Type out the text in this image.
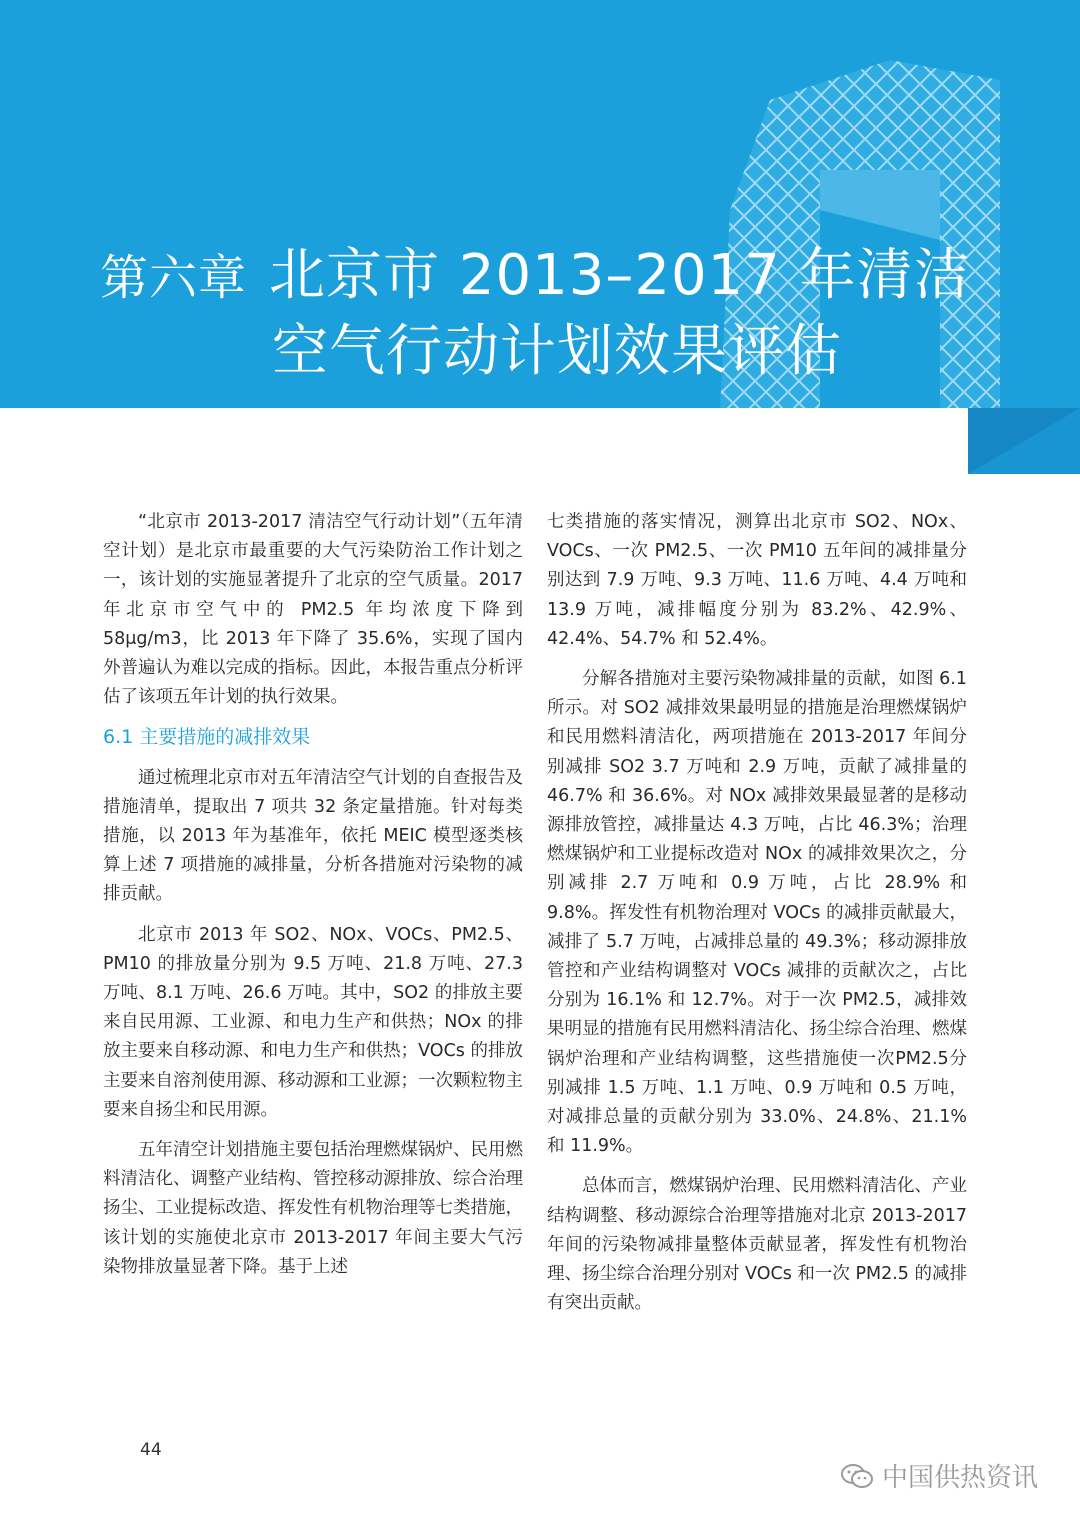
第六章 北京市 2013–2017 年清洁
空气行动计划效果评估

“北京市 2013-2017 清洁空气行动计划”（五年清空计划）是北京市最重要的大气污染防治工作计划之一，该计划的实施显著提升了北京的空气质量。2017 年北京市空气中的 PM2.5 年均浓度下降到 58μg/m3，比 2013 年下降了 35.6%，实现了国内外普遍认为难以完成的指标。因此，本报告重点分析评估了该项五年计划的执行效果。

6.1 主要措施的减排效果

通过梳理北京市对五年清洁空气计划的自查报告及措施清单，提取出 7 项共 32 条定量措施。针对每类措施，以 2013 年为基准年，依托 MEIC 模型逐类核算上述 7 项措施的减排量，分析各措施对污染物的减排贡献。

北京市 2013 年 SO2、NOx、VOCs、PM2.5、PM10 的排放量分别为 9.5 万吨、21.8 万吨、27.3 万吨、8.1 万吨、26.6 万吨。其中，SO2 的排放主要来自民用源、工业源、和电力生产和供热；NOx 的排放主要来自移动源、和电力生产和供热；VOCs 的排放主要来自溶剂使用源、移动源和工业源；一次颗粒物主要来自扬尘和民用源。

五年清空计划措施主要包括治理燃煤锅炉、民用燃料清洁化、调整产业结构、管控移动源排放、综合治理扬尘、工业提标改造、挥发性有机物治理等七类措施，该计划的实施使北京市 2013-2017 年间主要大气污染物排放量显著下降。基于上述

七类措施的落实情况，测算出北京市 SO2、NOx、VOCs、一次 PM2.5、一次 PM10 五年间的减排量分别达到 7.9 万吨、9.3 万吨、11.6 万吨、4.4 万吨和 13.9 万吨，减排幅度分别为 83.2%、42.9%、42.4%、54.7% 和 52.4%。

分解各措施对主要污染物减排量的贡献，如图 6.1 所示。对 SO2 减排效果最明显的措施是治理燃煤锅炉和民用燃料清洁化，两项措施在 2013-2017 年间分别减排 SO2 3.7 万吨和 2.9 万吨，贡献了减排量的 46.7% 和 36.6%。对 NOx 减排效果最显著的是移动源排放管控，减排量达 4.3 万吨，占比 46.3%；治理燃煤锅炉和工业提标改造对 NOx 的减排效果次之，分别减排 2.7 万吨和 0.9 万吨，占比 28.9% 和 9.8%。挥发性有机物治理对 VOCs 的减排贡献最大，减排了 5.7 万吨，占减排总量的 49.3%；移动源排放管控和产业结构调整对 VOCs 减排的贡献次之，占比分别为 16.1% 和 12.7%。对于一次 PM2.5，减排效果明显的措施有民用燃料清洁化、扬尘综合治理、燃煤锅炉治理和产业结构调整，这些措施使一次PM2.5分别减排 1.5 万吨、1.1 万吨、0.9 万吨和 0.5 万吨，对减排总量的贡献分别为 33.0%、24.8%、21.1% 和 11.9%。

总体而言，燃煤锅炉治理、民用燃料清洁化、产业结构调整、移动源综合治理等措施对北京 2013-2017 年间的污染物减排量整体贡献显著，挥发性有机物治理、扬尘综合治理分别对 VOCs 和一次 PM2.5 的减排有突出贡献。

44
中国供热资讯
